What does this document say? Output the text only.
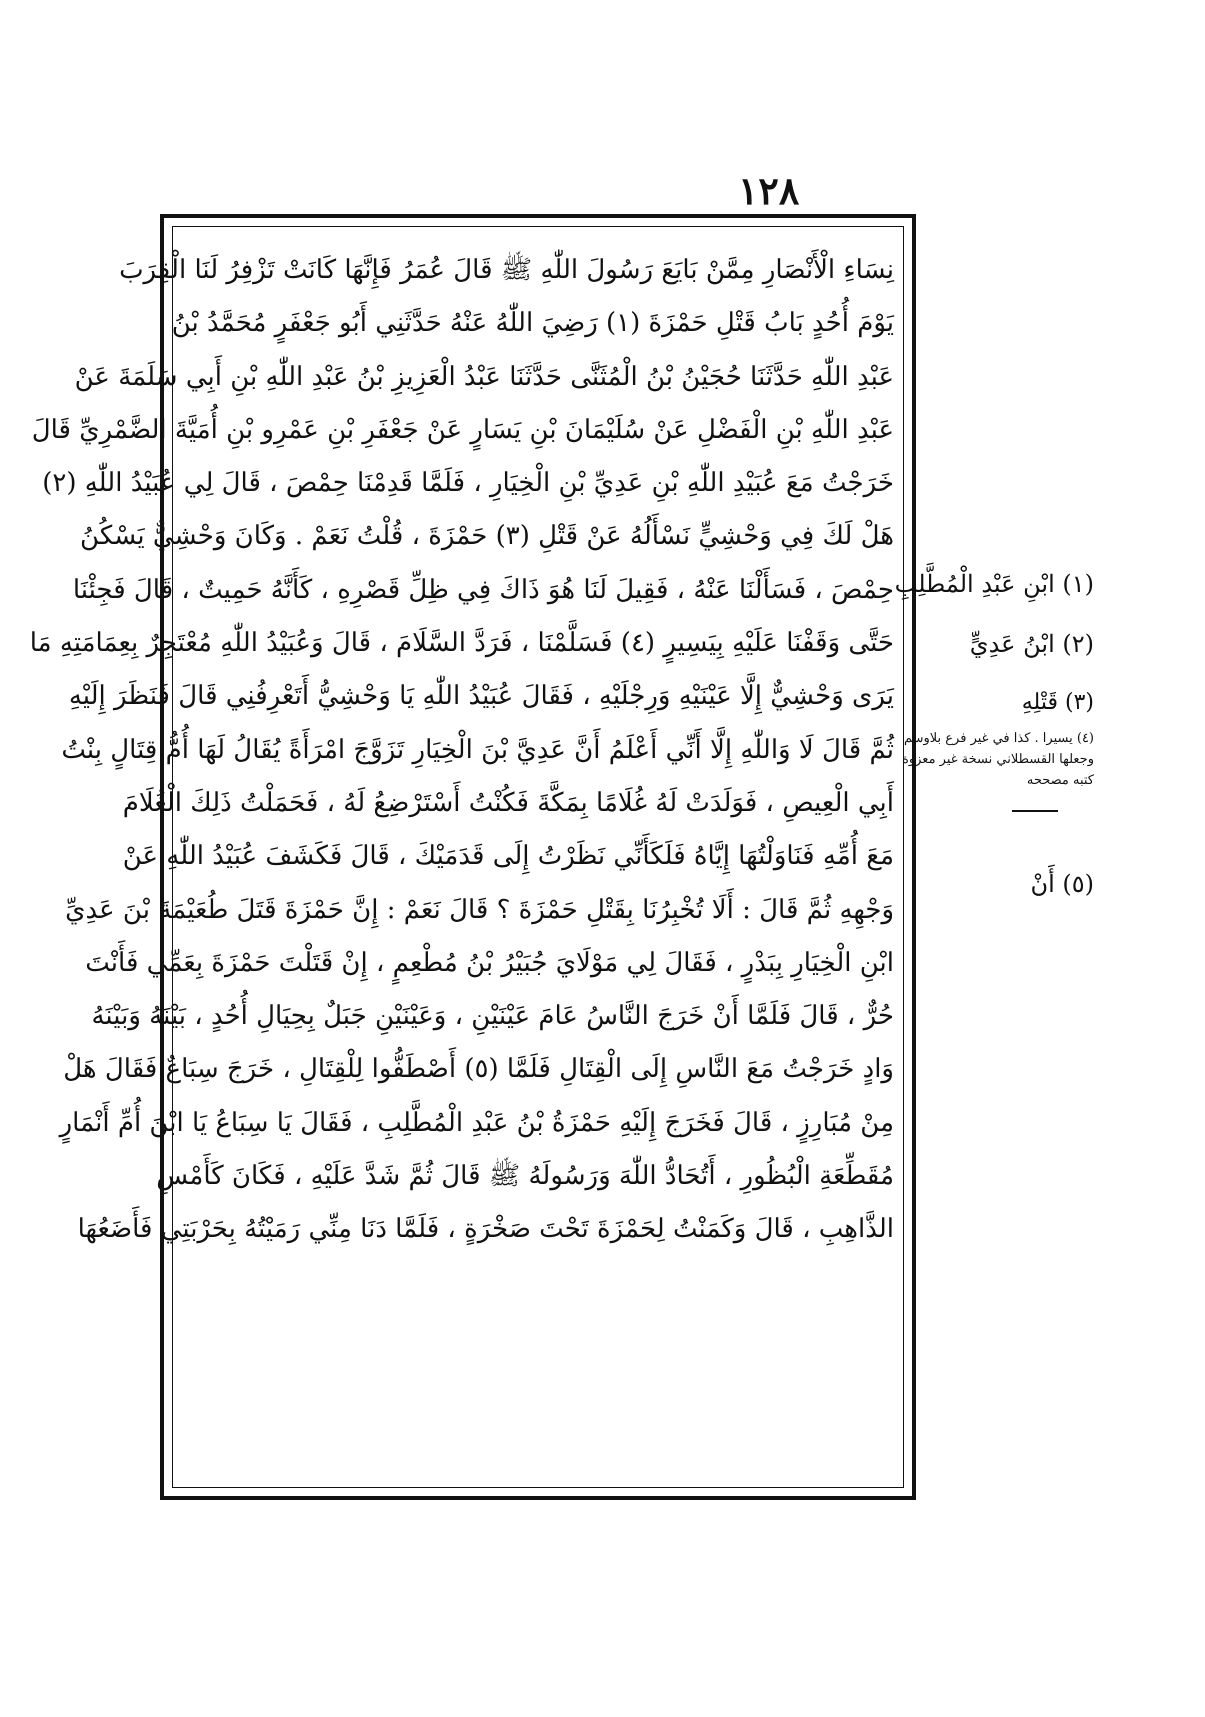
١٢٨
نِسَاءِ الْأَنْصَارِ مِمَّنْ بَايَعَ رَسُولَ اللّٰهِ ﷺ قَالَ عُمَرُ فَإِنَّهَا كَانَتْ تَزْفِرُ لَنَا الْقِرَبَ
يَوْمَ أُحُدٍ بَابُ قَتْلِ حَمْزَةَ (١) رَضِيَ اللّٰهُ عَنْهُ حَدَّثَنِي أَبُو جَعْفَرٍ مُحَمَّدُ بْنُ
عَبْدِ اللّٰهِ حَدَّثَنَا حُجَيْنُ بْنُ الْمُثَنَّى حَدَّثَنَا عَبْدُ الْعَزِيزِ بْنُ عَبْدِ اللّٰهِ بْنِ أَبِي سَلَمَةَ عَنْ
عَبْدِ اللّٰهِ بْنِ الْفَضْلِ عَنْ سُلَيْمَانَ بْنِ يَسَارٍ عَنْ جَعْفَرِ بْنِ عَمْرِو بْنِ أُمَيَّةَ الضَّمْرِيِّ قَالَ
خَرَجْتُ مَعَ عُبَيْدِ اللّٰهِ بْنِ عَدِيِّ بْنِ الْخِيَارِ ، فَلَمَّا قَدِمْنَا حِمْصَ ، قَالَ لِي عُبَيْدُ اللّٰهِ (٢)
هَلْ لَكَ فِي وَحْشِيٍّ نَسْأَلُهُ عَنْ قَتْلِ (٣) حَمْزَةَ ، قُلْتُ نَعَمْ . وَكَانَ وَحْشِيٌّ يَسْكُنُ
حِمْصَ ، فَسَأَلْنَا عَنْهُ ، فَقِيلَ لَنَا هُوَ ذَاكَ فِي ظِلِّ قَصْرِهِ ، كَأَنَّهُ حَمِيتٌ ، قَالَ فَجِئْنَا
حَتَّى وَقَفْنَا عَلَيْهِ بِيَسِيرٍ (٤) فَسَلَّمْنَا ، فَرَدَّ السَّلَامَ ، قَالَ وَعُبَيْدُ اللّٰهِ مُعْتَجِرٌ بِعِمَامَتِهِ مَا
يَرَى وَحْشِيٌّ إِلَّا عَيْنَيْهِ وَرِجْلَيْهِ ، فَقَالَ عُبَيْدُ اللّٰهِ يَا وَحْشِيُّ أَتَعْرِفُنِي قَالَ فَنَظَرَ إِلَيْهِ
ثُمَّ قَالَ لَا وَاللّٰهِ إِلَّا أَنِّي أَعْلَمُ أَنَّ عَدِيَّ بْنَ الْخِيَارِ تَزَوَّجَ امْرَأَةً يُقَالُ لَهَا أُمُّ قِتَالٍ بِنْتُ
أَبِي الْعِيصِ ، فَوَلَدَتْ لَهُ غُلَامًا بِمَكَّةَ فَكُنْتُ أَسْتَرْضِعُ لَهُ ، فَحَمَلْتُ ذَلِكَ الْغُلَامَ
مَعَ أُمِّهِ فَنَاوَلْتُهَا إِيَّاهُ فَلَكَأَنِّي نَظَرْتُ إِلَى قَدَمَيْكَ ، قَالَ فَكَشَفَ عُبَيْدُ اللّٰهِ عَنْ
وَجْهِهِ ثُمَّ قَالَ : أَلَا تُخْبِرُنَا بِقَتْلِ حَمْزَةَ ؟ قَالَ نَعَمْ : إِنَّ حَمْزَةَ قَتَلَ طُعَيْمَةَ بْنَ عَدِيِّ
ابْنِ الْخِيَارِ بِبَدْرٍ ، فَقَالَ لِي مَوْلَايَ جُبَيْرُ بْنُ مُطْعِمٍ ، إِنْ قَتَلْتَ حَمْزَةَ بِعَمِّي فَأَنْتَ
حُرٌّ ، قَالَ فَلَمَّا أَنْ خَرَجَ النَّاسُ عَامَ عَيْنَيْنِ ، وَعَيْنَيْنِ جَبَلٌ بِحِيَالِ أُحُدٍ ، بَيْنَهُ وَبَيْنَهُ
وَادٍ خَرَجْتُ مَعَ النَّاسِ إِلَى الْقِتَالِ فَلَمَّا (٥) أَصْطَفُّوا لِلْقِتَالِ ، خَرَجَ سِبَاعٌ فَقَالَ هَلْ
مِنْ مُبَارِزٍ ، قَالَ فَخَرَجَ إِلَيْهِ حَمْزَةُ بْنُ عَبْدِ الْمُطَّلِبِ ، فَقَالَ يَا سِبَاعُ يَا ابْنَ أُمِّ أَنْمَارٍ
مُقَطِّعَةِ الْبُظُورِ ، أَتُحَادُّ اللّٰهَ وَرَسُولَهُ ﷺ قَالَ ثُمَّ شَدَّ عَلَيْهِ ، فَكَانَ كَأَمْسِ
الذَّاهِبِ ، قَالَ وَكَمَنْتُ لِحَمْزَةَ تَحْتَ صَخْرَةٍ ، فَلَمَّا دَنَا مِنِّي رَمَيْتُهُ بِحَرْبَتِي فَأَضَعُهَا
(١) ابْنِ عَبْدِ الْمُطَّلِبِ
(٢) ابْنُ عَدِيٍّ
(٣) قَتْلِهِ
(٤) يسيرا . كذا في غير فرع بلاوسم وجعلها القسطلاني نسخة غير معزوة كتبه مصححه
(٥) أَنْ
